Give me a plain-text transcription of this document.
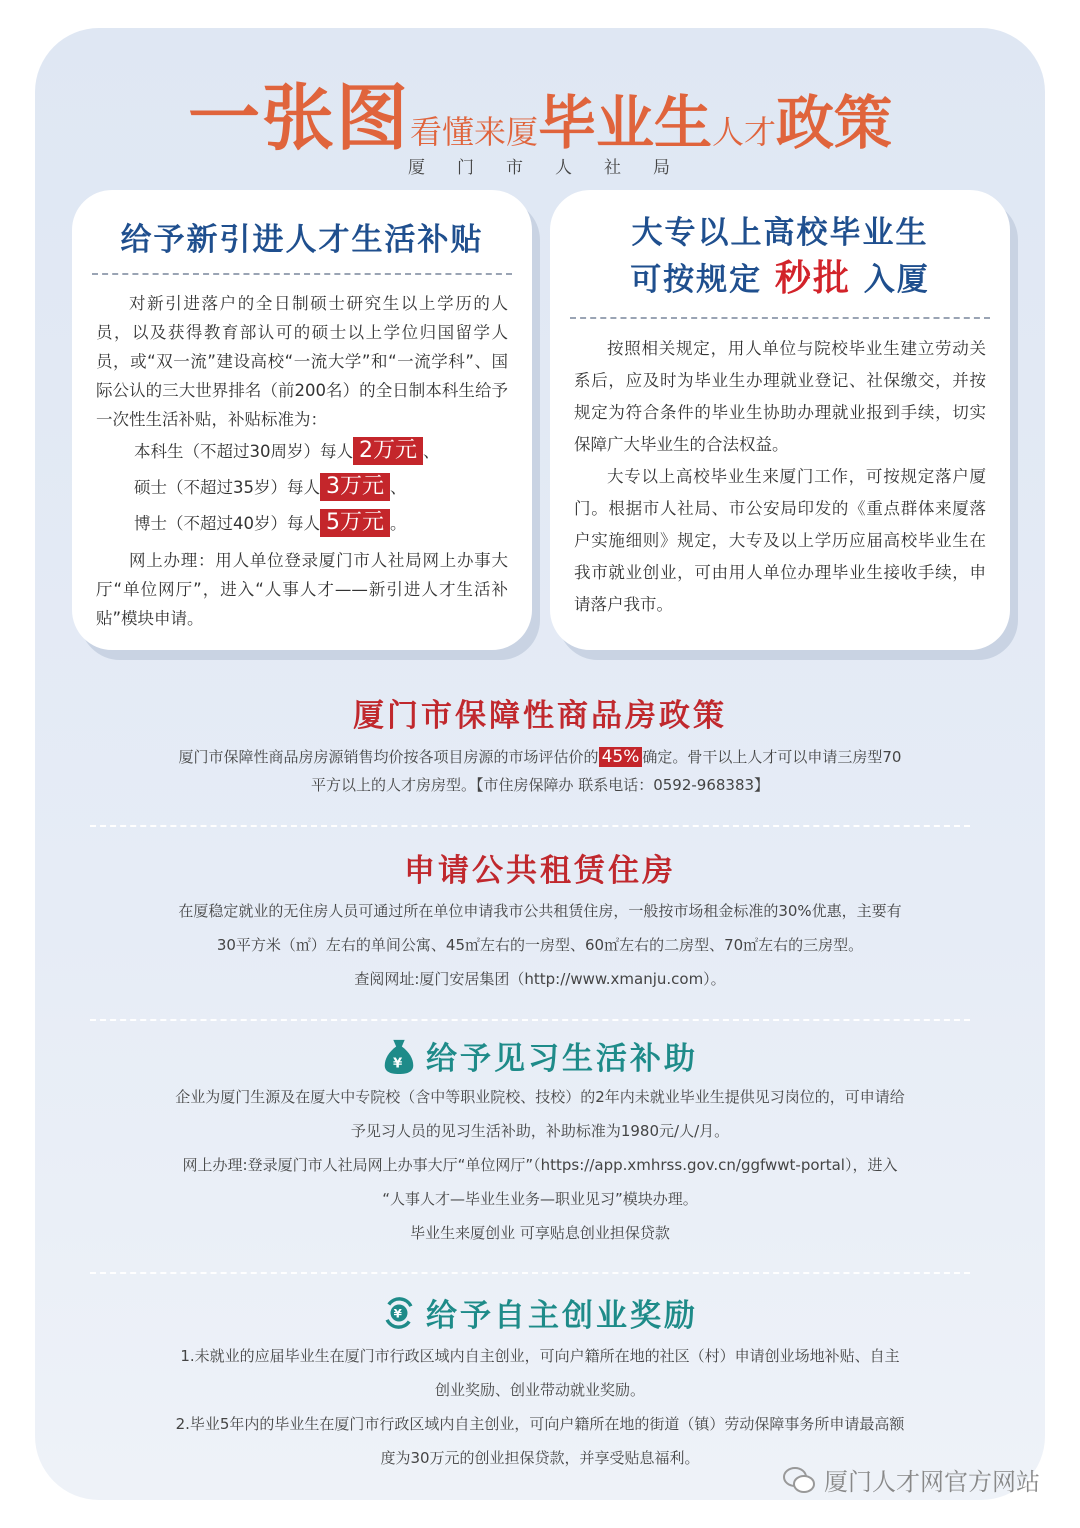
一张图看懂来厦毕业生人才政策
厦门市人社局
给予新引进人才生活补贴

对新引进落户的全日制硕士研究生以上学历的人员，以及获得教育部认可的硕士以上学位归国留学人员，或“双一流”建设高校“一流大学”和“一流学科”、国际公认的三大世界排名（前200名）的全日制本科生给予一次性生活补贴，补贴标准为：

本科生（不超过30周岁）每人 2万元 、

硕士（不超过35岁）每人 3万元 、

博士（不超过40岁）每人 5万元 。

网上办理：用人单位登录厦门市人社局网上办事大厅“单位网厅”，进入“人事人才——新引进人才生活补贴”模块申请。

大专以上高校毕业生
可按规定 秒批 入厦

按照相关规定，用人单位与院校毕业生建立劳动关系后，应及时为毕业生办理就业登记、社保缴交，并按规定为符合条件的毕业生协助办理就业报到手续，切实保障广大毕业生的合法权益。

大专以上高校毕业生来厦门工作，可按规定落户厦门。根据市人社局、市公安局印发的《重点群体来厦落户实施细则》规定，大专及以上学历应届高校毕业生在我市就业创业，可由用人单位办理毕业生接收手续，申请落户我市。

厦门市保障性商品房政策

厦门市保障性商品房房源销售均价按各项目房源的市场评估价的 45% 确定。骨干以上人才可以申请三房型70

平方以上的人才房房型。【市住房保障办 联系电话：0592-968383】

申请公共租赁住房

在厦稳定就业的无住房人员可通过所在单位申请我市公共租赁住房，一般按市场租金标准的30%优惠，主要有

30平方米（㎡）左右的单间公寓、45㎡左右的一房型、60㎡左右的二房型、70㎡左右的三房型。

查阅网址:厦门安居集团（http://www.xmanju.com）。

¥ 给予见习生活补助

企业为厦门生源及在厦大中专院校（含中等职业院校、技校）的2年内未就业毕业生提供见习岗位的，可申请给

予见习人员的见习生活补助，补助标准为1980元/人/月。

网上办理:登录厦门市人社局网上办事大厅“单位网厅”（https://app.xmhrss.gov.cn/ggfwwt-portal），进入

“人事人才—毕业生业务—职业见习”模块办理。

毕业生来厦创业 可享贴息创业担保贷款

¥ 给予自主创业奖励

1.未就业的应届毕业生在厦门市行政区域内自主创业，可向户籍所在地的社区（村）申请创业场地补贴、自主

创业奖励、创业带动就业奖励。

2.毕业5年内的毕业生在厦门市行政区域内自主创业，可向户籍所在地的街道（镇）劳动保障事务所申请最高额

度为30万元的创业担保贷款，并享受贴息福利。

厦门人才网官方网站
